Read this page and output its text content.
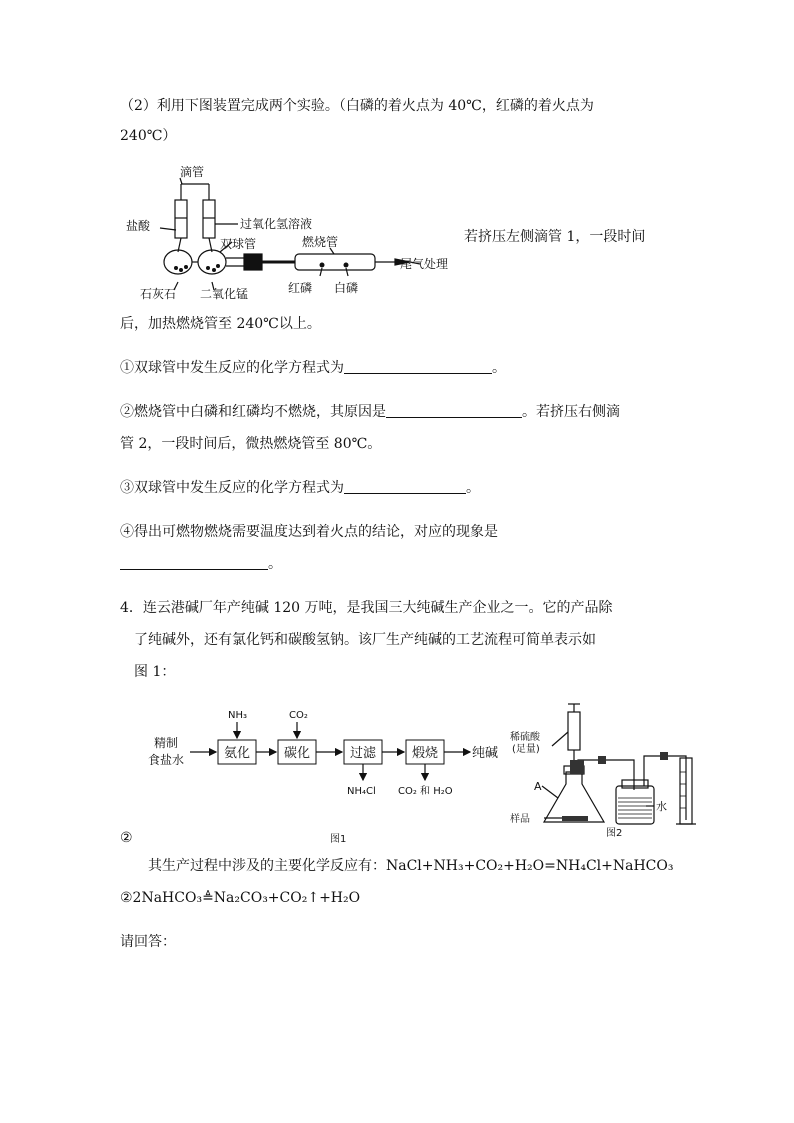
（2）利用下图装置完成两个实验。（白磷的着火点为 40℃，红磷的着火点为
240℃）
滴管
盐酸	过氧化氢溶液
双球管	燃烧管
尾气处理
石灰石 二氧化锰	红磷 白磷
若挤压左侧滴管 1，一段时间
后，加热燃烧管至 240℃以上。
①双球管中发生反应的化学方程式为	。
②燃烧管中白磷和红磷均不燃烧，其原因是	。若挤压右侧滴
管 2，一段时间后，微热燃烧管至 80℃。
③双球管中发生反应的化学方程式为	。
④得出可燃物燃烧需要温度达到着火点的结论，对应的现象是
。
4．连云港碱厂年产纯碱 120 万吨，是我国三大纯碱生产企业之一。它的产品除
了纯碱外，还有氯化钙和碳酸氢钠。该厂生产纯碱的工艺流程可简单表示如
图 1：
精制
食盐水	氨化	碳化	过滤	煅烧	纯碱
NH₃	CO₂
NH₄Cl CO₂ 和 H₂O
图1
稀硫酸
(足量)
A
样品
水
图2
②
其生产过程中涉及的主要化学反应有：NaCl+NH₃+CO₂+H₂O=NH₄Cl+NaHCO₃
②2NaHCO₃≜Na₂CO₃+CO₂↑+H₂O
请回答：
